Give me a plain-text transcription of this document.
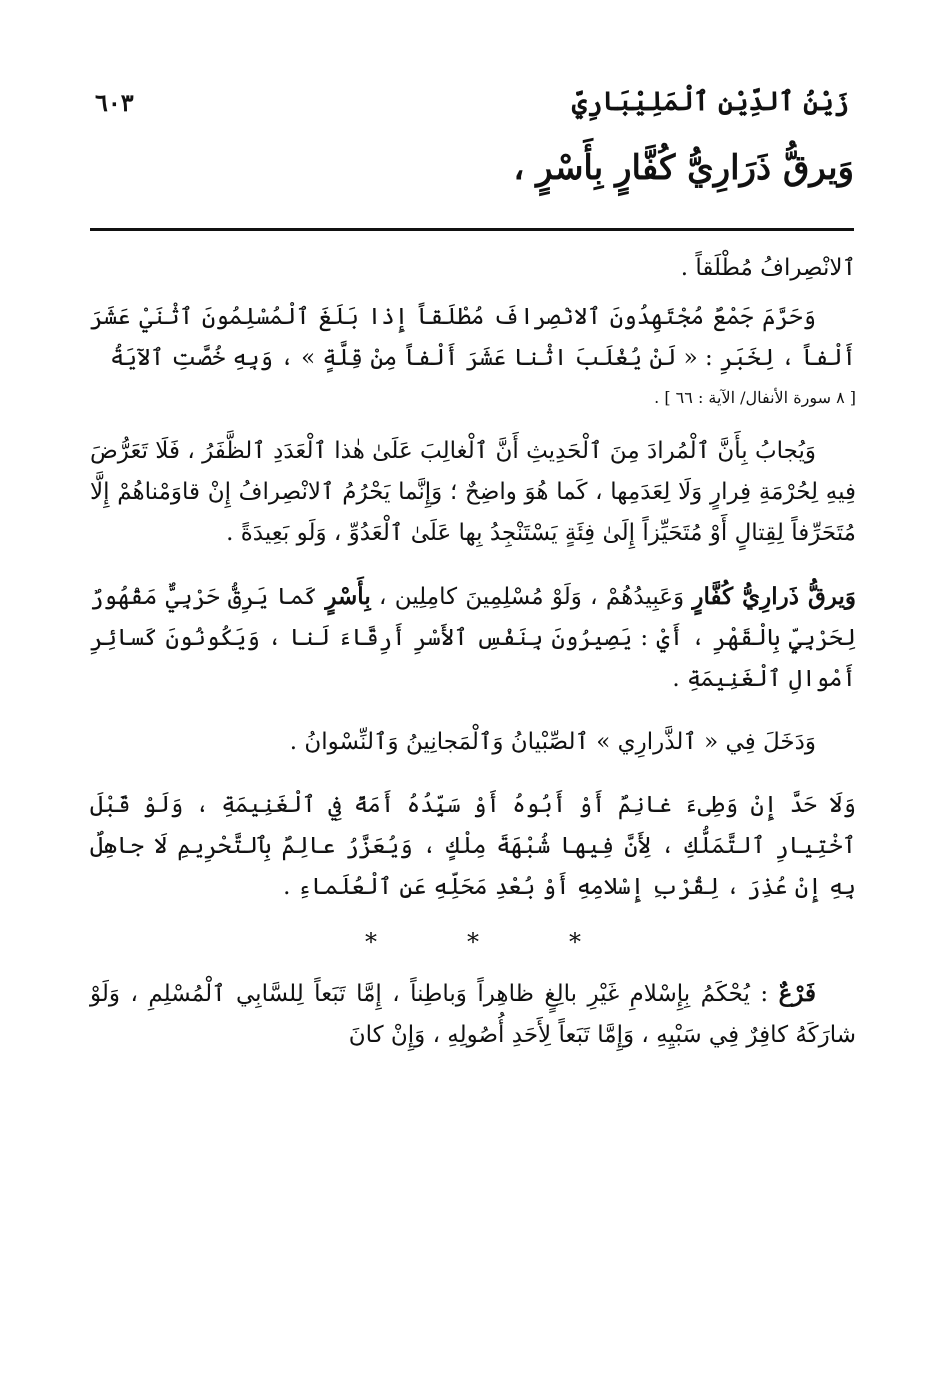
زَيْنُ ٱلدِّيْنِ ٱلْمَلِيْبَارِيّ
٦٠٣
وَيرقُّ ذَرَارِيُّ كُفَّارٍ بِأَسْرٍ ،

ٱلانْصِرافُ مُطْلَقاً .

وَحَرَّمَ جَمْعٌ مُجْتَهِدُونَ ٱلانْصِرافَ مُطْلَقاً إِذا بَلَغَ ٱلْمُسْلِمُونَ ٱثْنَيْ عَشَرَ أَلْفاً ، لِخَبَرِ : « لَنْ يُغْلَبَ اثْنا عَشَرَ أَلْفاً مِنْ قِلَّةٍ » ، وَبِهِ خُصَّتِ ٱلآيَةُ

[ ٨ سورة الأنفال/ الآية : ٦٦ ] .

وَيُجابُ بِأَنَّ ٱلْمُرادَ مِنَ ٱلْحَدِيثِ أَنَّ ٱلْغالِبَ عَلَىٰ هٰذا ٱلْعَدَدِ ٱلظَّفَرُ ، فَلَا تَعَرُّضَ فِيهِ لِحُرْمَةِ فِرارٍ وَلَا لِعَدَمِها ، كَما هُوَ واضِحٌ ؛ وَإِنَّما يَحْرُمُ ٱلانْصِرافُ إِنْ قاوَمْناهُمْ إِلَّا مُتَحَرِّفاً لِقِتالٍ أَوْ مُتَحَيِّزاً إِلَىٰ فِئَةٍ يَسْتَنْجِدُ بِها عَلَىٰ ٱلْعَدُوِّ ، وَلَو بَعِيدَةً .

وَيرقُّ ذَرارِيُّ كُفَّارٍ وَعَبِيدُهُمْ ، وَلَوْ مُسْلِمِينَ كامِلِين ، بِأَسْرٍ كَما يَرِقُّ حَرْبِيٌّ مَقْهُورٌ لِحَرْبِيٍّ بِالْقَهْرِ ، أَيْ : يَصِيرُونَ بِنَفْسِ ٱلأَسْرِ أَرِقَّاءَ لَنا ، وَيَكُونُونَ كَسائِرِ أَمْوالِ ٱلْغَنِيمَةِ .

وَدَخَلَ فِي « ٱلذَّرارِي » ٱلصِّبْيانُ وَٱلْمَجانِينُ وَٱلنِّسْوانُ .

وَلَا حَدَّ إِنْ وَطِىءَ غانِمٌ أَوْ أَبُوهُ أَوْ سَيِّدُهُ أَمَةً فِي ٱلْغَنِيمَةِ ، وَلَوْ قَبْلَ ٱخْتِيارِ ٱلتَّمَلُّكِ ، لِأَنَّ فِيها شُبْهَةَ مِلْكٍ ، وَيُعَزَّرُ عالِمٌ بِٱلتَّحْرِيمِ لَا جاهِلٌ بِهِ إِنْ عُذِرَ ، لِقُرْبِ إِسْلامِهِ أَوْ بُعْدِ مَحَلِّهِ عَنِ ٱلْعُلَماءِ .

*	*	*

فَرْعٌ : يُحْكَمُ بِإِسْلامِ غَيْرِ بالِغٍ ظاهِراً وَباطِناً ، إِمَّا تَبَعاً لِلسَّابِي ٱلْمُسْلِمِ ، وَلَوْ شارَكَهُ كافِرٌ فِي سَبْيِهِ ، وَإِمَّا تَبَعاً لِأَحَدِ أُصُولِهِ ، وَإِنْ كانَ
